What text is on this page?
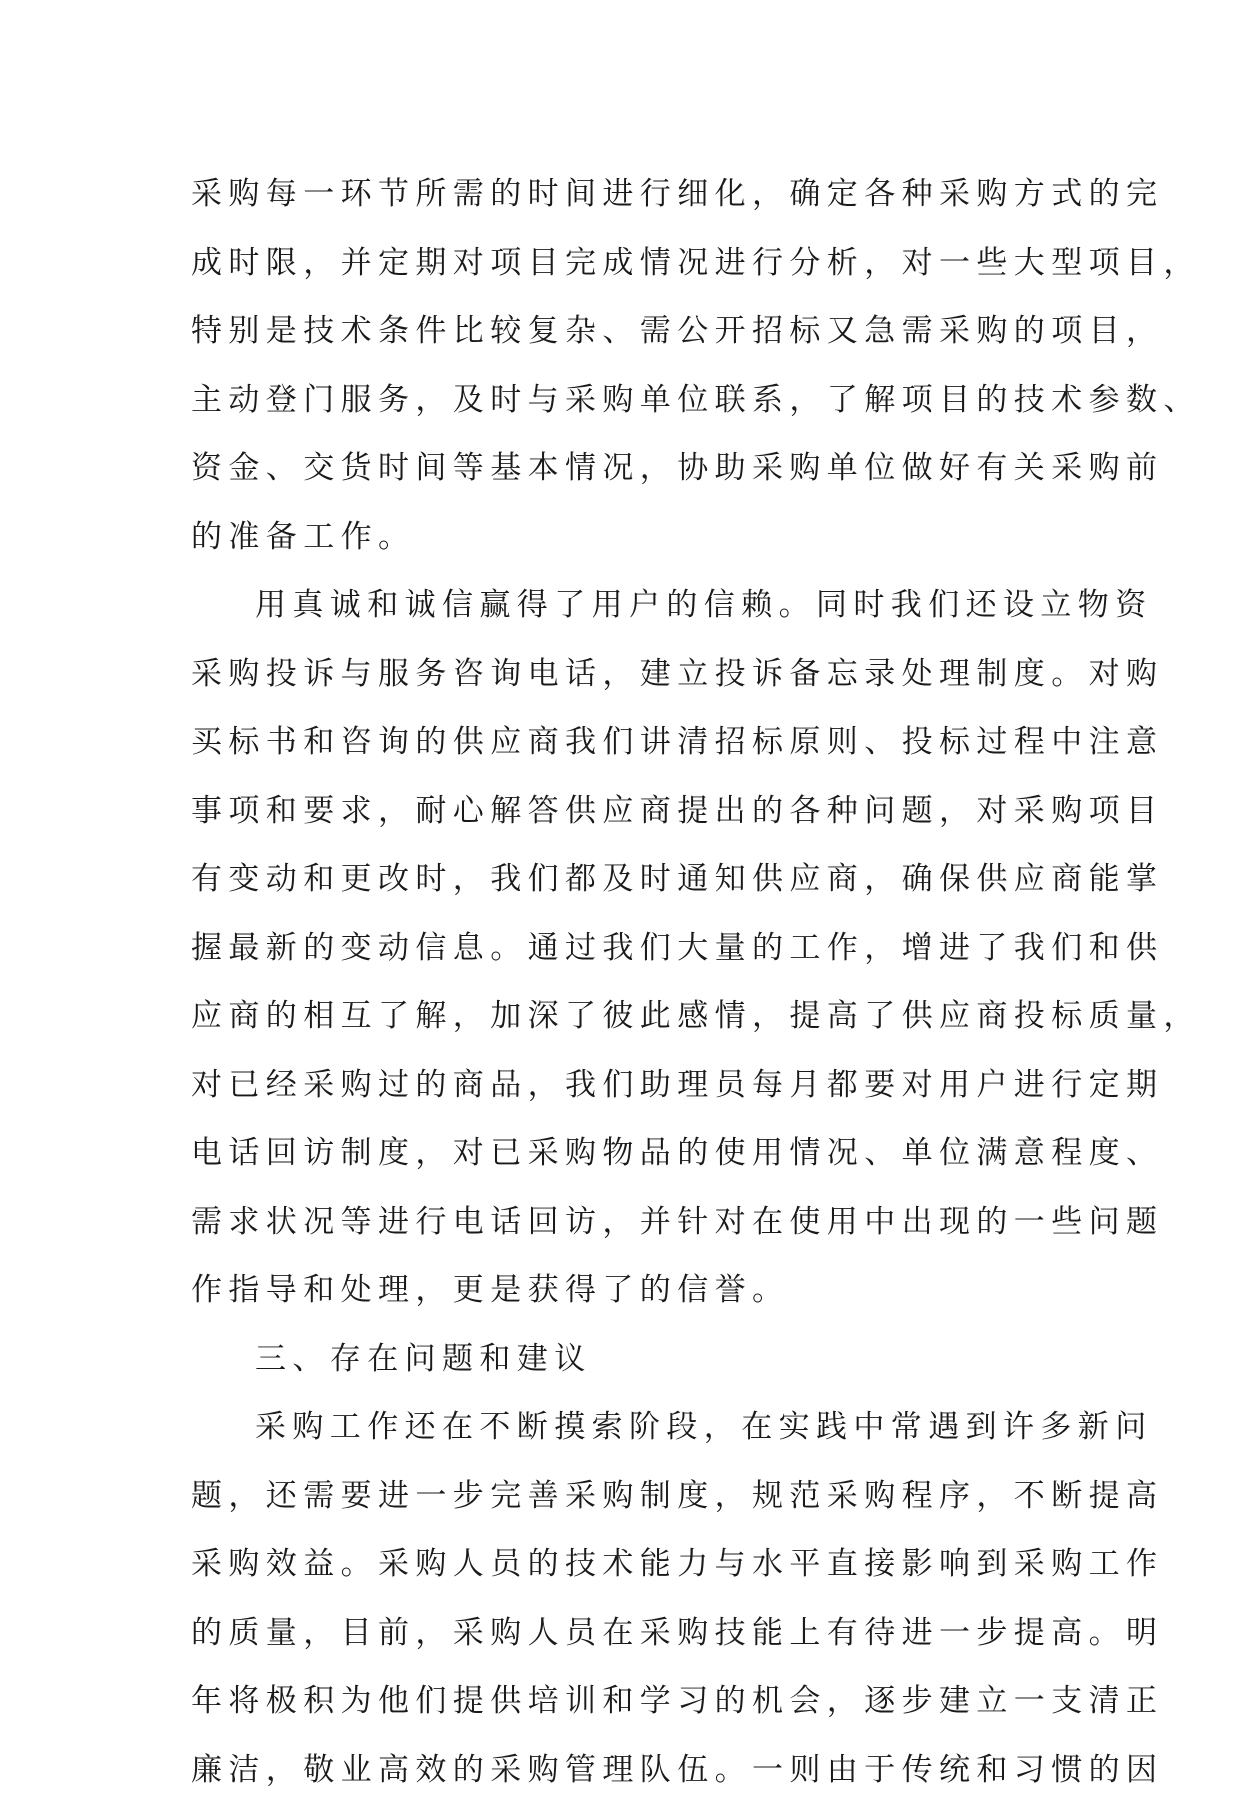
采购每一环节所需的时间进行细化，确定各种采购方式的完
成时限，并定期对项目完成情况进行分析，对一些大型项目，
特别是技术条件比较复杂、需公开招标又急需采购的项目，
主动登门服务，及时与采购单位联系，了解项目的技术参数、
资金、交货时间等基本情况，协助采购单位做好有关采购前
的准备工作。
用真诚和诚信赢得了用户的信赖。同时我们还设立物资
采购投诉与服务咨询电话，建立投诉备忘录处理制度。对购
买标书和咨询的供应商我们讲清招标原则、投标过程中注意
事项和要求，耐心解答供应商提出的各种问题，对采购项目
有变动和更改时，我们都及时通知供应商，确保供应商能掌
握最新的变动信息。通过我们大量的工作，增进了我们和供
应商的相互了解，加深了彼此感情，提高了供应商投标质量，
对已经采购过的商品，我们助理员每月都要对用户进行定期
电话回访制度，对已采购物品的使用情况、单位满意程度、
需求状况等进行电话回访，并针对在使用中出现的一些问题
作指导和处理，更是获得了的信誉。
三、存在问题和建议
采购工作还在不断摸索阶段，在实践中常遇到许多新问
题，还需要进一步完善采购制度，规范采购程序，不断提高
采购效益。采购人员的技术能力与水平直接影响到采购工作
的质量，目前，采购人员在采购技能上有待进一步提高。明
年将极积为他们提供培训和学习的机会，逐步建立一支清正
廉洁，敬业高效的采购管理队伍。一则由于传统和习惯的因
